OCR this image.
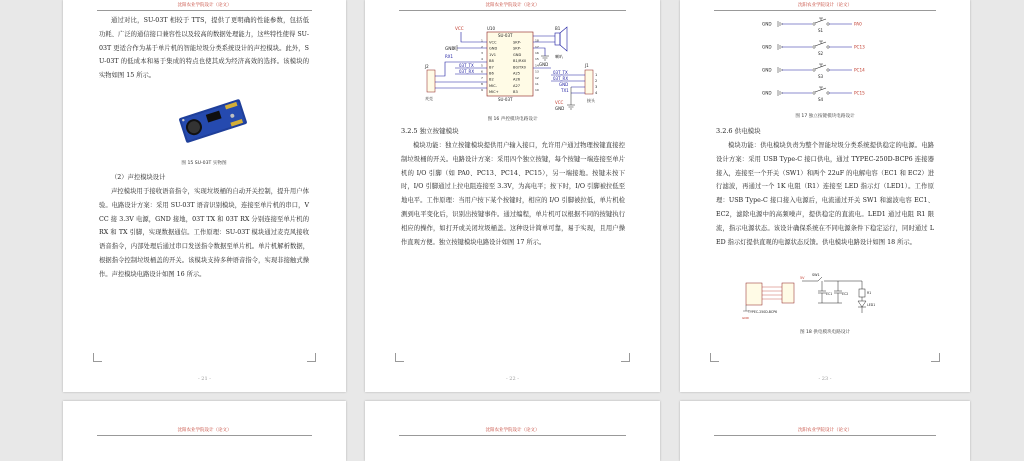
沈阳农业学院设计（论文）
通过对比，SU-03T 相较于 TTS，提供了更明确的性能参数，包括低功耗、广泛的通信接口兼容性以及较高的数据处理能力，这些特性使得 SU-03T 更适合作为基于单片机的智能垃圾分类系统设计的声控模块。此外，SU-03T 的低成本和易于集成的特点也使其成为经济高效的选择。该模块的实物如图 15 所示。
图 15 SU-03T 实物图
（2）声控模块设计
声控模块用于接收语音指令，实现垃圾桶的自动开关控制，提升用户体验。电路设计方案：采用 SU-03T 语音识别模块，连接至单片机的串口，VCC 接 3.3V 电源，GND 接地，03T TX 和 03T RX 分别连接至单片机的 RX 和 TX 引脚，实现数据通信。工作原理：SU-03T 模块通过麦克风接收语音指令，内部处理后通过串口发送指令数据至单片机。单片机解析数据，根据指令控制垃圾桶盖的开关。该模块支持多种语音指令，实现非接触式操作。声控模块电路设计如图 16 所示。
- 21 -
沈阳农业学院设计（论文）
U10
SU-03T
SU-03T
VCC
1
GND
2
1V1
3
B8
4
B7
5
B6
6
B2
7
MIC-
8
MIC+
9
SKP-	18
SKP-	17
GND	16
B1/RX0	15
B0/TX0	14
A25	13
A26	12
A27	11
B3	10
VCC
GND
03T_TX
03T_RX
J2
麦克
RX1
B1
喇叭
GND	J1
接头
1
2
3
4
03T_TX
03T_RX
GND
TX1
GND
VCC
图 16 声控模块电路设计
3.2.5 独立按键模块
模块功能：独立按键模块提供用户输入接口，允许用户通过物理按键直接控制垃圾桶的开关。电路设计方案：采用四个独立按键，每个按键一端连接至单片机的 I/O 引脚（如 PA0、PC13、PC14、PC15），另一端接地。按键未按下时，I/O 引脚通过上拉电阻连接至 3.3V，为高电平；按下时，I/O 引脚被拉低至地电平。工作原理：当用户按下某个按键时，相应的 I/O 引脚被拉低，单片机检测到电平变化后，识别出按键事件。通过编程，单片机可以根据不同的按键执行相应的操作，如打开或关闭垃圾桶盖。这种设计简单可靠，易于实现，且用户操作直观方便。独立按键模块电路设计如图 17 所示。
- 22 -
沈阳农业学院设计（论文）
GND
S1
PA0
GND
S2
PC13
GND
S3
PC14
GND
S4
PC15
图 17 独立按键模块电路设计
3.2.6 供电模块
模块功能：供电模块负责为整个智能垃圾分类系统提供稳定的电源。电路设计方案：采用 USB Type-C 接口供电，通过 TYPEC-250D-BCP6 连接器接入，连接至一个开关（SW1）和两个 22uF 的电解电容（EC1 和 EC2）进行滤波，再通过一个 1K 电阻（R1）连接至 LED 指示灯（LED1）。工作原理：USB Type-C 接口接入电源后，电流通过开关 SW1 和滤波电容 EC1、EC2，滤除电源中的高频噪声，提供稳定的直流电。LED1 通过电阻 R1 限流，指示电源状态。该设计确保系统在不同电源条件下稳定运行，同时通过 LED 指示灯提供直观的电源状态反馈。供电模块电路设计如图 18 所示。
TYPEC-250D-BCP6
GND
SW1
5V
EC1	EC2	R1
LED1
图 18 供电模块电路设计
- 23 -
沈阳农业学院设计（论文）	沈阳农业学院设计（论文）	沈阳农业学院设计（论文）
